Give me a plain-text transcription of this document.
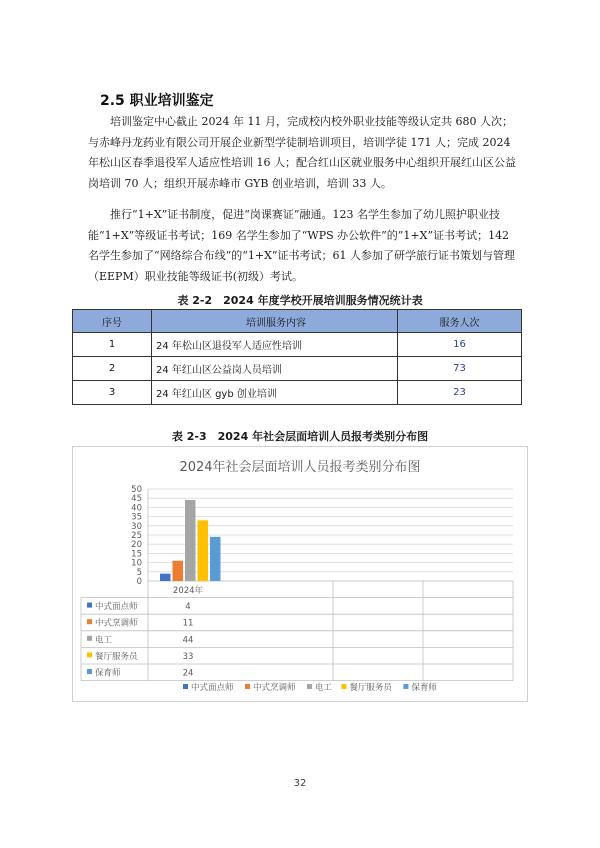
2.5 职业培训鉴定
培训鉴定中心截止 2024 年 11 月，完成校内校外职业技能等级认定共 680 人次；与赤峰丹龙药业有限公司开展企业新型学徒制培训项目，培训学徒 171 人；完成 2024 年松山区春季退役军人适应性培训 16 人；配合红山区就业服务中心组织开展红山区公益岗培训 70 人；组织开展赤峰市 GYB 创业培训，培训 33 人。
推行“1+X”证书制度，促进“岗课赛证”融通。123 名学生参加了幼儿照护职业技能“1+X”等级证书考试；169 名学生参加了“WPS 办公软件”的”1+X”证书考试；142 名学生参加了“网络综合布线“的“1+X”证书考试；61 人参加了研学旅行证书策划与管理（EEPM）职业技能等级证书(初级）考试。
表 2-2　2024 年度学校开展培训服务情况统计表
序号	培训服务内容	服务人次
1	24 年松山区退役军人适应性培训	16
2	24 年红山区公益岗人员培训	73
3	24 年红山区 gyb 创业培训	23
表 2-3　2024 年社会层面培训人员报考类别分布图
2024年社会层面培训人员报考类别分布图
0
5
10
15
20
25
30
35
40
45
50
2024年
中式面点师	4
中式烹调师	11
电工	44
餐厅服务员	33
保育师	24
中式面点师 中式烹调师 电工 餐厅服务员 保育师
32
